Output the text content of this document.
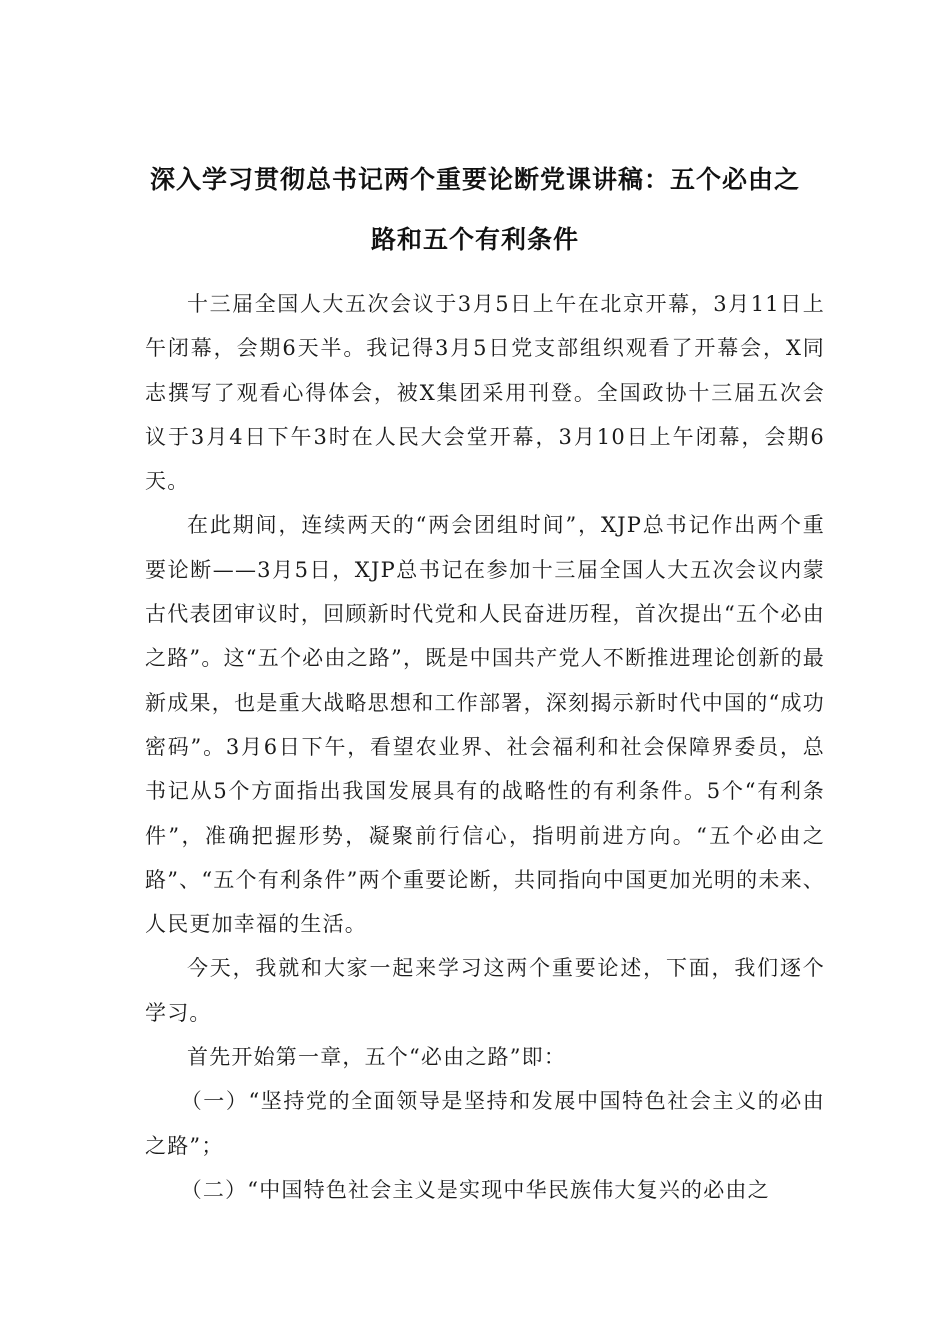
深入学习贯彻总书记两个重要论断党课讲稿：五个必由之
路和五个有利条件

十三届全国人大五次会议于3月5日上午在北京开幕，3月11日上午闭幕，会期6天半。我记得3月5日党支部组织观看了开幕会，X同志撰写了观看心得体会，被X集团采用刊登。全国政协十三届五次会议于3月4日下午3时在人民大会堂开幕，3月10日上午闭幕，会期6天。

在此期间，连续两天的“两会团组时间”，XJP总书记作出两个重要论断——3月5日，XJP总书记在参加十三届全国人大五次会议内蒙古代表团审议时，回顾新时代党和人民奋进历程，首次提出“五个必由之路”。这“五个必由之路”，既是中国共产党人不断推进理论创新的最新成果，也是重大战略思想和工作部署，深刻揭示新时代中国的“成功密码”。3月6日下午，看望农业界、社会福利和社会保障界委员，总书记从5个方面指出我国发展具有的战略性的有利条件。5个“有利条件”，准确把握形势，凝聚前行信心，指明前进方向。“五个必由之路”、“五个有利条件”两个重要论断，共同指向中国更加光明的未来、人民更加幸福的生活。

今天，我就和大家一起来学习这两个重要论述，下面，我们逐个学习。

首先开始第一章，五个“必由之路”即：

（一）“坚持党的全面领导是坚持和发展中国特色社会主义的必由之路”；

（二）“中国特色社会主义是实现中华民族伟大复兴的必由之
